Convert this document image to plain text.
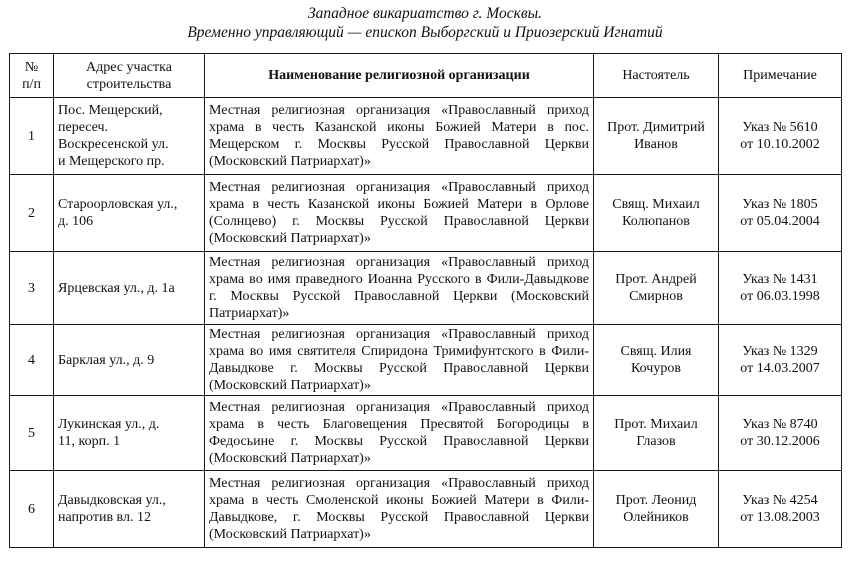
Западное викариатство г. Москвы.
Временно управляющий — епископ Выборгский и Приозерский Игнатий
№
п/п	Адрес участка
строительства	Наименование религиозной организации	Настоятель	Примечание
1	Пос. Мещерский,
пересеч.
Воскресенской ул.
и Мещерского пр.	Местная религиозная организация «Православный приход храма в честь Казанской иконы Божией Матери в пос. Мещерском г. Москвы Русской Православной Церкви (Московский Патриархат)»	Прот. Димитрий
Иванов	Указ № 5610
от 10.10.2002

2	Староорловская ул.,
д. 106	Местная религиозная организация «Православный приход храма в честь Казанской иконы Божией Матери в Орлове (Солнцево) г. Москвы Русской Православной Церкви (Московский Патриархат)»	Свящ. Михаил
Колюпанов	Указ № 1805
от 05.04.2004

3	Ярцевская ул., д. 1а	Местная религиозная организация «Православный приход храма во имя праведного Иоанна Русского в Фили-Давыдкове г. Москвы Русской Православной Церкви (Московский Патриархат)»	Прот. Андрей
Смирнов	Указ № 1431
от 06.03.1998

4	Барклая ул., д. 9	Местная религиозная организация «Православный приход храма во имя святителя Спиридона Тримифунтского в Фили-Давыдкове г. Москвы Русской Православной Церкви (Московский Патриархат)»	Свящ. Илия
Кочуров	Указ № 1329
от 14.03.2007

5	Лукинская ул., д.
11, корп. 1	Местная религиозная организация «Православный приход храма в честь Благовещения Пресвятой Богородицы в Федосьине г. Москвы Русской Православной Церкви (Московский Патриархат)»	Прот. Михаил
Глазов	Указ № 8740
от 30.12.2006

6	Давыдковская ул.,
напротив вл. 12	Местная религиозная организация «Православный приход храма в честь Смоленской иконы Божией Матери в Фили-Давыдкове, г. Москвы Русской Православной Церкви (Московский Патриархат)»	Прот. Леонид
Олейников	Указ № 4254
от 13.08.2003
